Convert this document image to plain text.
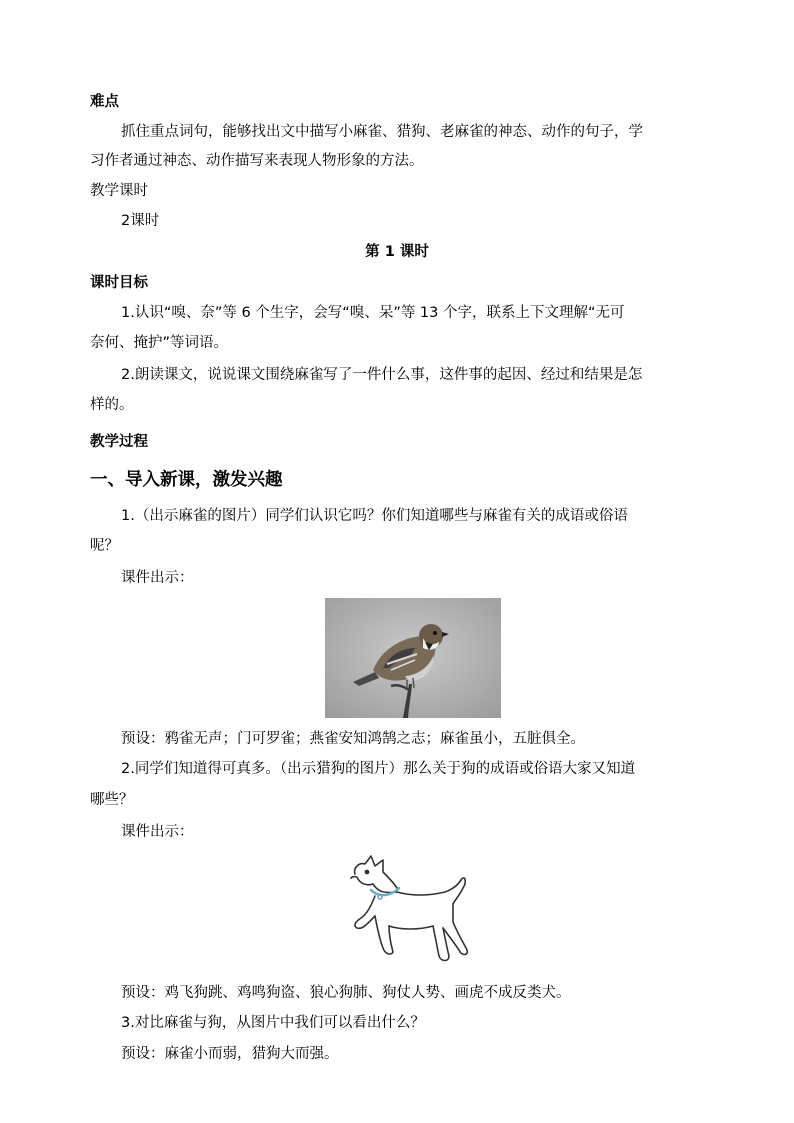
难点
抓住重点词句，能够找出文中描写小麻雀、猎狗、老麻雀的神态、动作的句子，学
习作者通过神态、动作描写来表现人物形象的方法。
教学课时
2课时
第 1 课时
课时目标
1.认识“嗅、奈”等 6 个生字，会写“嗅、呆”等 13 个字，联系上下文理解“无可
奈何、掩护”等词语。
2.朗读课文，说说课文围绕麻雀写了一件什么事，这件事的起因、经过和结果是怎
样的。
教学过程
一、导入新课，激发兴趣
1.（出示麻雀的图片）同学们认识它吗？你们知道哪些与麻雀有关的成语或俗语
呢？
课件出示：
预设：鸦雀无声；门可罗雀；燕雀安知鸿鹄之志；麻雀虽小，五脏俱全。
2.同学们知道得可真多。（出示猎狗的图片）那么关于狗的成语或俗语大家又知道
哪些？
课件出示：
预设：鸡飞狗跳、鸡鸣狗盗、狼心狗肺、狗仗人势、画虎不成反类犬。
3.对比麻雀与狗，从图片中我们可以看出什么？
预设：麻雀小而弱，猎狗大而强。
